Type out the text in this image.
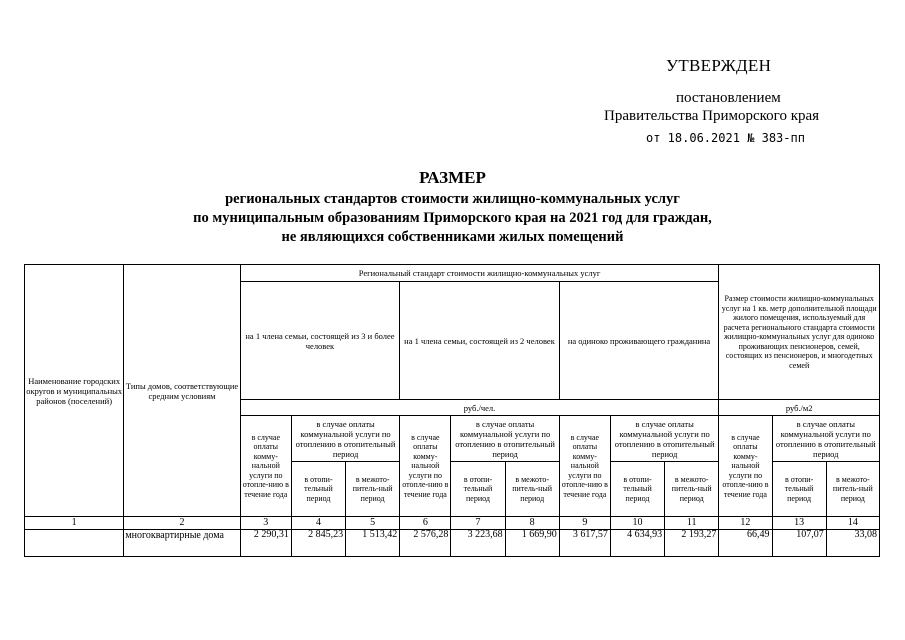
УТВЕРЖДЕН
постановлением
Правительства Приморского края
от 18.06.2021 № 383-пп
РАЗМЕР
региональных стандартов стоимости жилищно-коммунальных услуг
по муниципальным образованиям Приморского края на 2021 год для граждан,
не являющихся собственниками жилых помещений
Наименование городских округов и муниципальных районов (поселений)	Типы домов, соответствующие средним условиям	Региональный стандарт стоимости жилищно-коммунальных услуг									Размер стоимости жилищно-коммунальных услуг на 1 кв. метр дополнительной площади жилого помещения, используемый для расчета регионального стандарта стоимости жилищно-коммунальных услуг для одиноко проживающих пенсионеров, семей, состоящих из пенсионеров, и многодетных семей		
		на 1 члена семьи, состоящей из 3 и более человек			на 1 члена семьи, состоящей из 2 человек			на одиноко проживающего гражданина					
		руб./чел.									руб./м2		
		в случае оплаты комму-нальной услуги по отопле-нию в течение года	в случае оплаты коммунальной услуги по отоплению в отопительный период		в случае оплаты комму-нальной услуги по отопле-нию в течение года	в случае оплаты коммунальной услуги по отоплению в отопительный период		в случае оплаты комму-нальной услуги по отопле-нию в течение года	в случае оплаты коммунальной услуги по отоплению в отопительный период		в случае оплаты комму-нальной услуги по отопле-нию в течение года	в случае оплаты коммунальной услуги по отоплению в отопительный период	
			в отопи-тельный период	в межото-питель-ный период		в отопи-тельный период	в межото-питель-ный период		в отопи-тельный период	в межото-питель-ный период		в отопи-тельный период	в межото-питель-ный период
1	2	3	4	5	6	7	8	9	10	11	12	13	14
	многоквартирные дома	2 290,31	2 845,23	1 513,42	2 576,28	3 223,68	1 669,90	3 617,57	4 634,93	2 193,27	66,49	107,07	33,08
